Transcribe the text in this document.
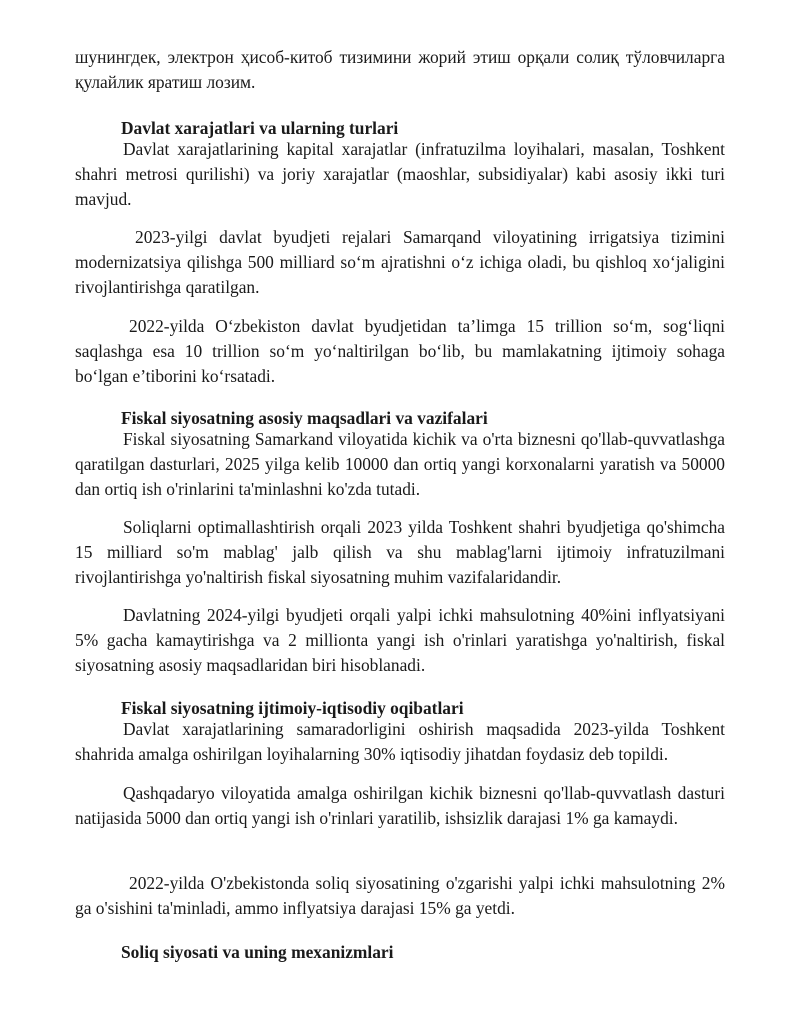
шунингдек, электрон ҳисоб-китоб тизимини жорий этиш орқали солиқ тўловчиларга қулайлик яратиш лозим.

Davlat xarajatlari va ularning turlari

Davlat xarajatlarining kapital xarajatlar (infratuzilma loyihalari, masalan, Toshkent shahri metrosi qurilishi) va joriy xarajatlar (maoshlar, subsidiyalar) kabi asosiy ikki turi mavjud.

2023-yilgi davlat byudjeti rejalari Samarqand viloyatining irrigatsiya tizimini modernizatsiya qilishga 500 milliard so‘m ajratishni o‘z ichiga oladi, bu qishloq xo‘jaligini rivojlantirishga qaratilgan.

2022-yilda O‘zbekiston davlat byudjetidan ta’limga 15 trillion so‘m, sog‘liqni saqlashga esa 10 trillion so‘m yo‘naltirilgan bo‘lib, bu mamlakatning ijtimoiy sohaga bo‘lgan e’tiborini ko‘rsatadi.

Fiskal siyosatning asosiy maqsadlari va vazifalari

Fiskal siyosatning Samarkand viloyatida kichik va o'rta biznesni qo'llab-quvvatlashga qaratilgan dasturlari, 2025 yilga kelib 10000 dan ortiq yangi korxonalarni yaratish va 50000 dan ortiq ish o'rinlarini ta'minlashni ko'zda tutadi.

Soliqlarni optimallashtirish orqali 2023 yilda Toshkent shahri byudjetiga qo'shimcha 15 milliard so'm mablag' jalb qilish va shu mablag'larni ijtimoiy infratuzilmani rivojlantirishga yo'naltirish fiskal siyosatning muhim vazifalaridandir.

Davlatning 2024-yilgi byudjeti orqali yalpi ichki mahsulotning 40%ini inflyatsiyani 5% gacha kamaytirishga va 2 millionta yangi ish o'rinlari yaratishga yo'naltirish, fiskal siyosatning asosiy maqsadlaridan biri hisoblanadi.

Fiskal siyosatning ijtimoiy-iqtisodiy oqibatlari

Davlat xarajatlarining samaradorligini oshirish maqsadida 2023-yilda Toshkent shahrida amalga oshirilgan loyihalarning 30% iqtisodiy jihatdan foydasiz deb topildi.

Qashqadaryo viloyatida amalga oshirilgan kichik biznesni qo'llab-quvvatlash dasturi natijasida 5000 dan ortiq yangi ish o'rinlari yaratilib, ishsizlik darajasi 1% ga kamaydi.

2022-yilda O'zbekistonda soliq siyosatining o'zgarishi yalpi ichki mahsulotning 2% ga o'sishini ta'minladi, ammo inflyatsiya darajasi 15% ga yetdi.

Soliq siyosati va uning mexanizmlari
